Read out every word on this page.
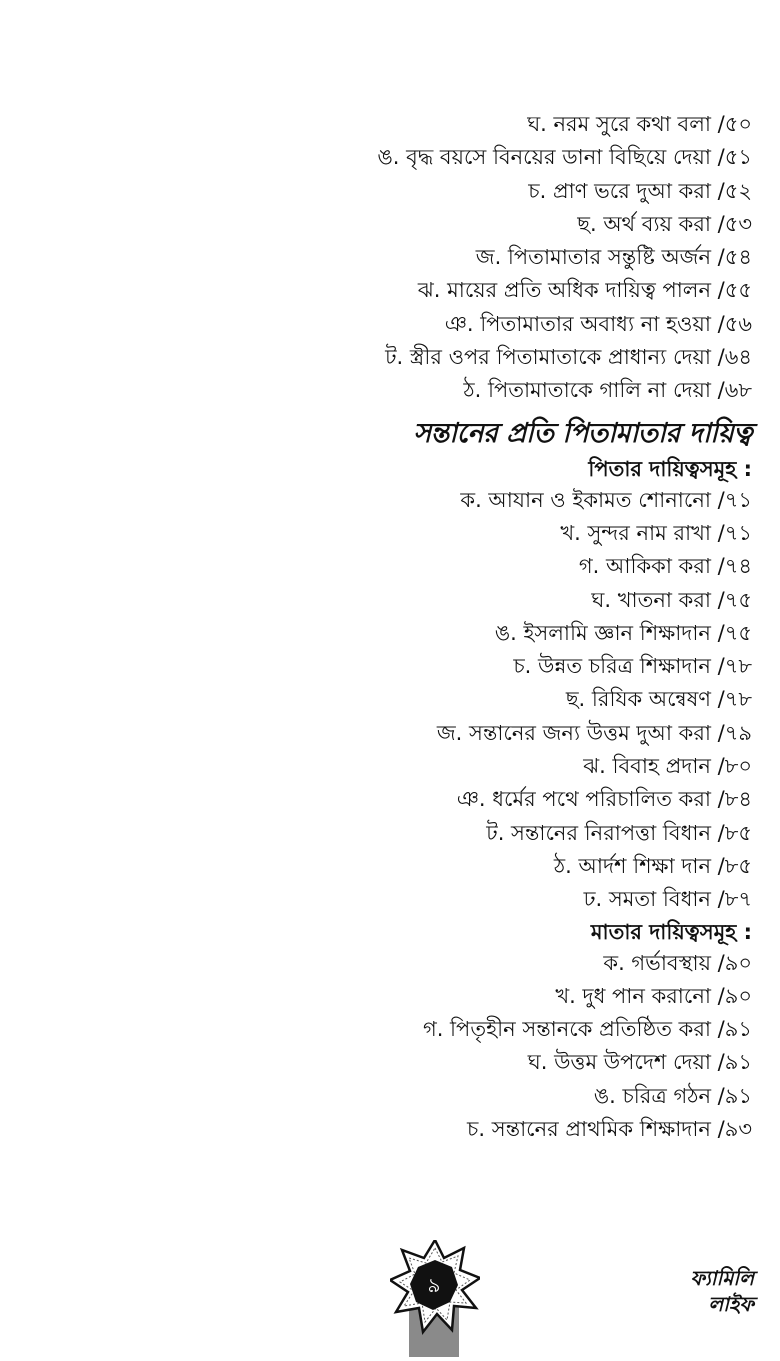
ঘ. নরম সুরে কথা বলা /৫০
ঙ. বৃদ্ধ বয়সে বিনয়ের ডানা বিছিয়ে দেয়া /৫১
চ. প্রাণ ভরে দুআ করা /৫২
ছ. অর্থ ব্যয় করা /৫৩
জ. পিতামাতার সন্তুষ্টি অর্জন /৫৪
ঝ. মায়ের প্রতি অধিক দায়িত্ব পালন /৫৫
ঞ. পিতামাতার অবাধ্য না হওয়া /৫৬
ট. স্ত্রীর ওপর পিতামাতাকে প্রাধান্য দেয়া /৬৪
ঠ. পিতামাতাকে গালি না দেয়া /৬৮
সন্তানের প্রতি পিতামাতার দায়িত্ব
পিতার দায়িত্বসমূহ :
ক. আযান ও ইকামত শোনানো /৭১
খ. সুন্দর নাম রাখা /৭১
গ. আকিকা করা /৭৪
ঘ. খাতনা করা /৭৫
ঙ. ইসলামি জ্ঞান শিক্ষাদান /৭৫
চ. উন্নত চরিত্র শিক্ষাদান /৭৮
ছ. রিযিক অন্বেষণ /৭৮
জ. সন্তানের জন্য উত্তম দুআ করা /৭৯
ঝ. বিবাহ প্রদান /৮০
ঞ. ধর্মের পথে পরিচালিত করা /৮৪
ট. সন্তানের নিরাপত্তা বিধান /৮৫
ঠ. আর্দশ শিক্ষা দান /৮৫
ঢ. সমতা বিধান /৮৭
মাতার দায়িত্বসমূহ :
ক. গর্ভাবস্থায় /৯০
খ. দুধ পান করানো /৯০
গ. পিতৃহীন সন্তানকে প্রতিষ্ঠিত করা /৯১
ঘ. উত্তম উপদেশ দেয়া /৯১
ঙ. চরিত্র গঠন /৯১
চ. সন্তানের প্রাথমিক শিক্ষাদান /৯৩
৯	ফ্যামিলি
লাইফ
